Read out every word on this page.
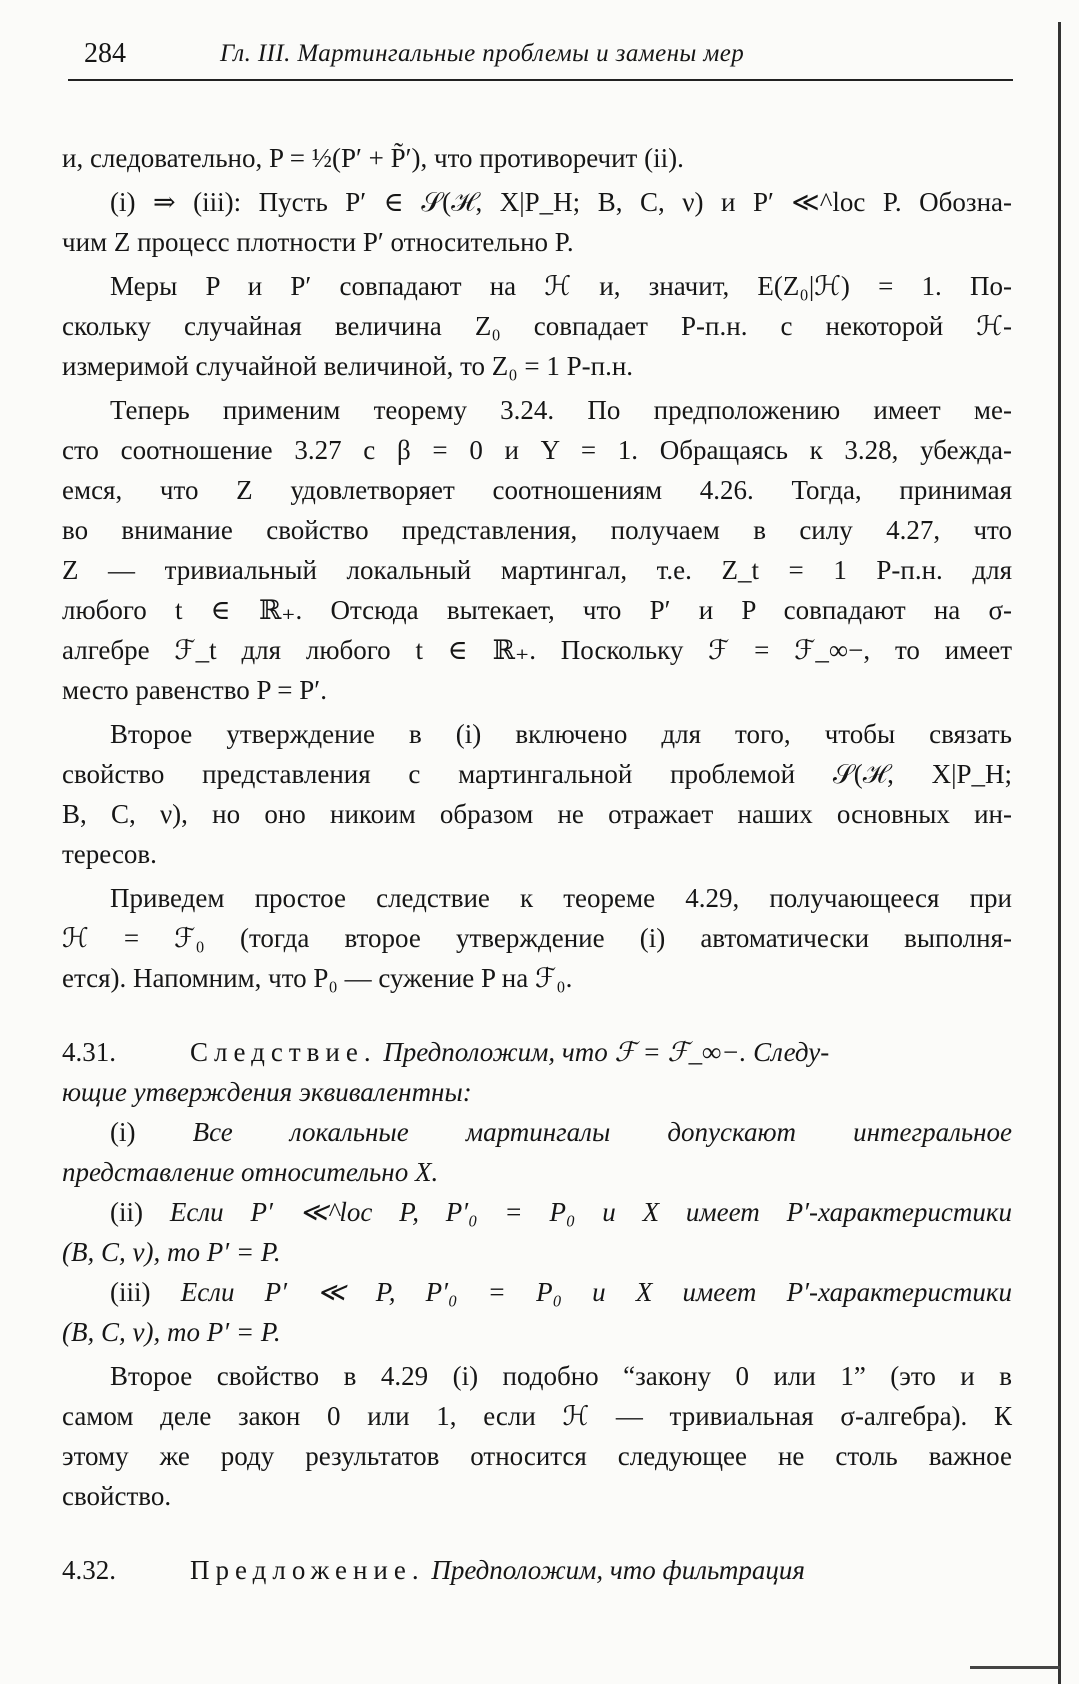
284	Гл. III. Мартингальные проблемы и замены мер

и, следовательно, P = ½(P′ + P̃′), что противоречит (ii).

(i) ⇒ (iii): Пусть P′ ∈ 𝒮(ℋ, X|P_H; B, C, ν) и P′ ≪^loc P. Обозна-

чим Z процесс плотности P′ относительно P.

Меры P и P′ совпадают на ℋ и, значит, E(Z₀|ℋ) = 1. По-

скольку случайная величина Z₀ совпадает P-п.н. с некоторой ℋ-

измеримой случайной величиной, то Z₀ = 1 P-п.н.

Теперь применим теорему 3.24. По предположению имеет ме-

сто соотношение 3.27 с β = 0 и Y = 1. Обращаясь к 3.28, убежда-

емся, что Z удовлетворяет соотношениям 4.26. Тогда, принимая

во внимание свойство представления, получаем в силу 4.27, что

Z — тривиальный локальный мартингал, т.е. Z_t = 1 P-п.н. для

любого t ∈ ℝ₊. Отсюда вытекает, что P′ и P совпадают на σ-

алгебре ℱ_t для любого t ∈ ℝ₊. Поскольку ℱ = ℱ_∞−, то имеет

место равенство P = P′.

Второе утверждение в (i) включено для того, чтобы связать

свойство представления с мартингальной проблемой 𝒮(ℋ, X|P_H;

B, C, ν), но оно никоим образом не отражает наших основных ин-

тересов.

Приведем простое следствие к теореме 4.29, получающееся при

ℋ = ℱ₀ (тогда второе утверждение (i) автоматически выполня-

ется). Напомним, что P₀ — сужение P на ℱ₀.

4.31.	Следствие. Предположим, что ℱ = ℱ_∞−. Следу-

ющие утверждения эквивалентны:

(i) Все локальные мартингалы допускают интегральное

представление относительно X.

(ii) Если P′ ≪^loc P, P′₀ = P₀ и X имеет P′-характеристики

(B, C, ν), то P′ = P.

(iii) Если P′ ≪ P, P′₀ = P₀ и X имеет P′-характеристики

(B, C, ν), то P′ = P.

Второе свойство в 4.29 (i) подобно “закону 0 или 1” (это и в

самом деле закон 0 или 1, если ℋ — тривиальная σ-алгебра). К

этому же роду результатов относится следующее не столь важное

свойство.

4.32.	Предложение. Предположим, что фильтрация
